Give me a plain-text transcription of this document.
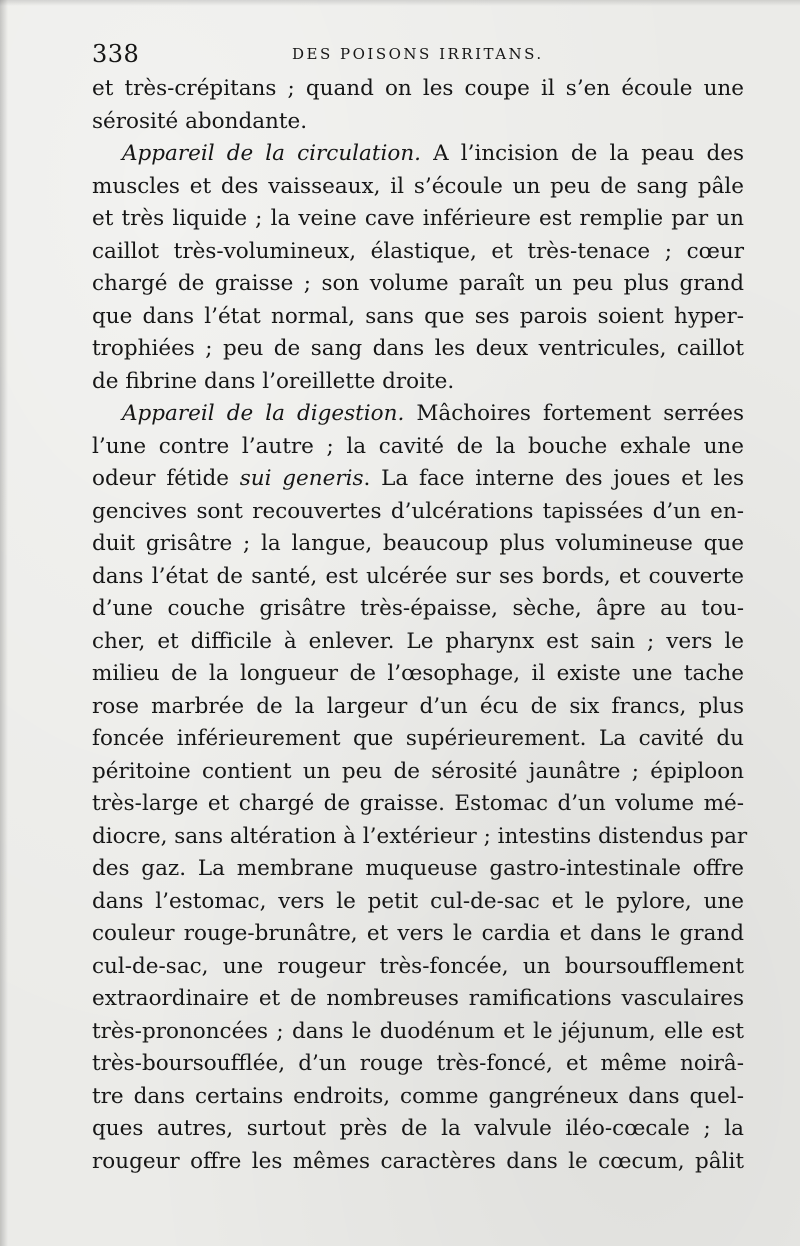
338	DES POISONS IRRITANS.
et très-crépitans ; quand on les coupe il s’en écoule une
sérosité abondante.
Appareil de la circulation. A l’incision de la peau des
muscles et des vaisseaux, il s’écoule un peu de sang pâle
et très liquide ; la veine cave inférieure est remplie par un
caillot très-volumineux, élastique, et très-tenace ; cœur
chargé de graisse ; son volume paraît un peu plus grand
que dans l’état normal, sans que ses parois soient hyper-
trophiées ; peu de sang dans les deux ventricules, caillot
de fibrine dans l’oreillette droite.
Appareil de la digestion. Mâchoires fortement serrées
l’une contre l’autre ; la cavité de la bouche exhale une
odeur fétide sui generis. La face interne des joues et les
gencives sont recouvertes d’ulcérations tapissées d’un en-
duit grisâtre ; la langue, beaucoup plus volumineuse que
dans l’état de santé, est ulcérée sur ses bords, et couverte
d’une couche grisâtre très-épaisse, sèche, âpre au tou-
cher, et difficile à enlever. Le pharynx est sain ; vers le
milieu de la longueur de l’œsophage, il existe une tache
rose marbrée de la largeur d’un écu de six francs, plus
foncée inférieurement que supérieurement. La cavité du
péritoine contient un peu de sérosité jaunâtre ; épiploon
très-large et chargé de graisse. Estomac d’un volume mé-
diocre, sans altération à l’extérieur ; intestins distendus par
des gaz. La membrane muqueuse gastro-intestinale offre
dans l’estomac, vers le petit cul-de-sac et le pylore, une
couleur rouge-brunâtre, et vers le cardia et dans le grand
cul-de-sac, une rougeur très-foncée, un boursoufflement
extraordinaire et de nombreuses ramifications vasculaires
très-prononcées ; dans le duodénum et le jéjunum, elle est
très-boursoufflée, d’un rouge très-foncé, et même noirâ-
tre dans certains endroits, comme gangréneux dans quel-
ques autres, surtout près de la valvule iléo-cœcale ; la
rougeur offre les mêmes caractères dans le cœcum, pâlit
